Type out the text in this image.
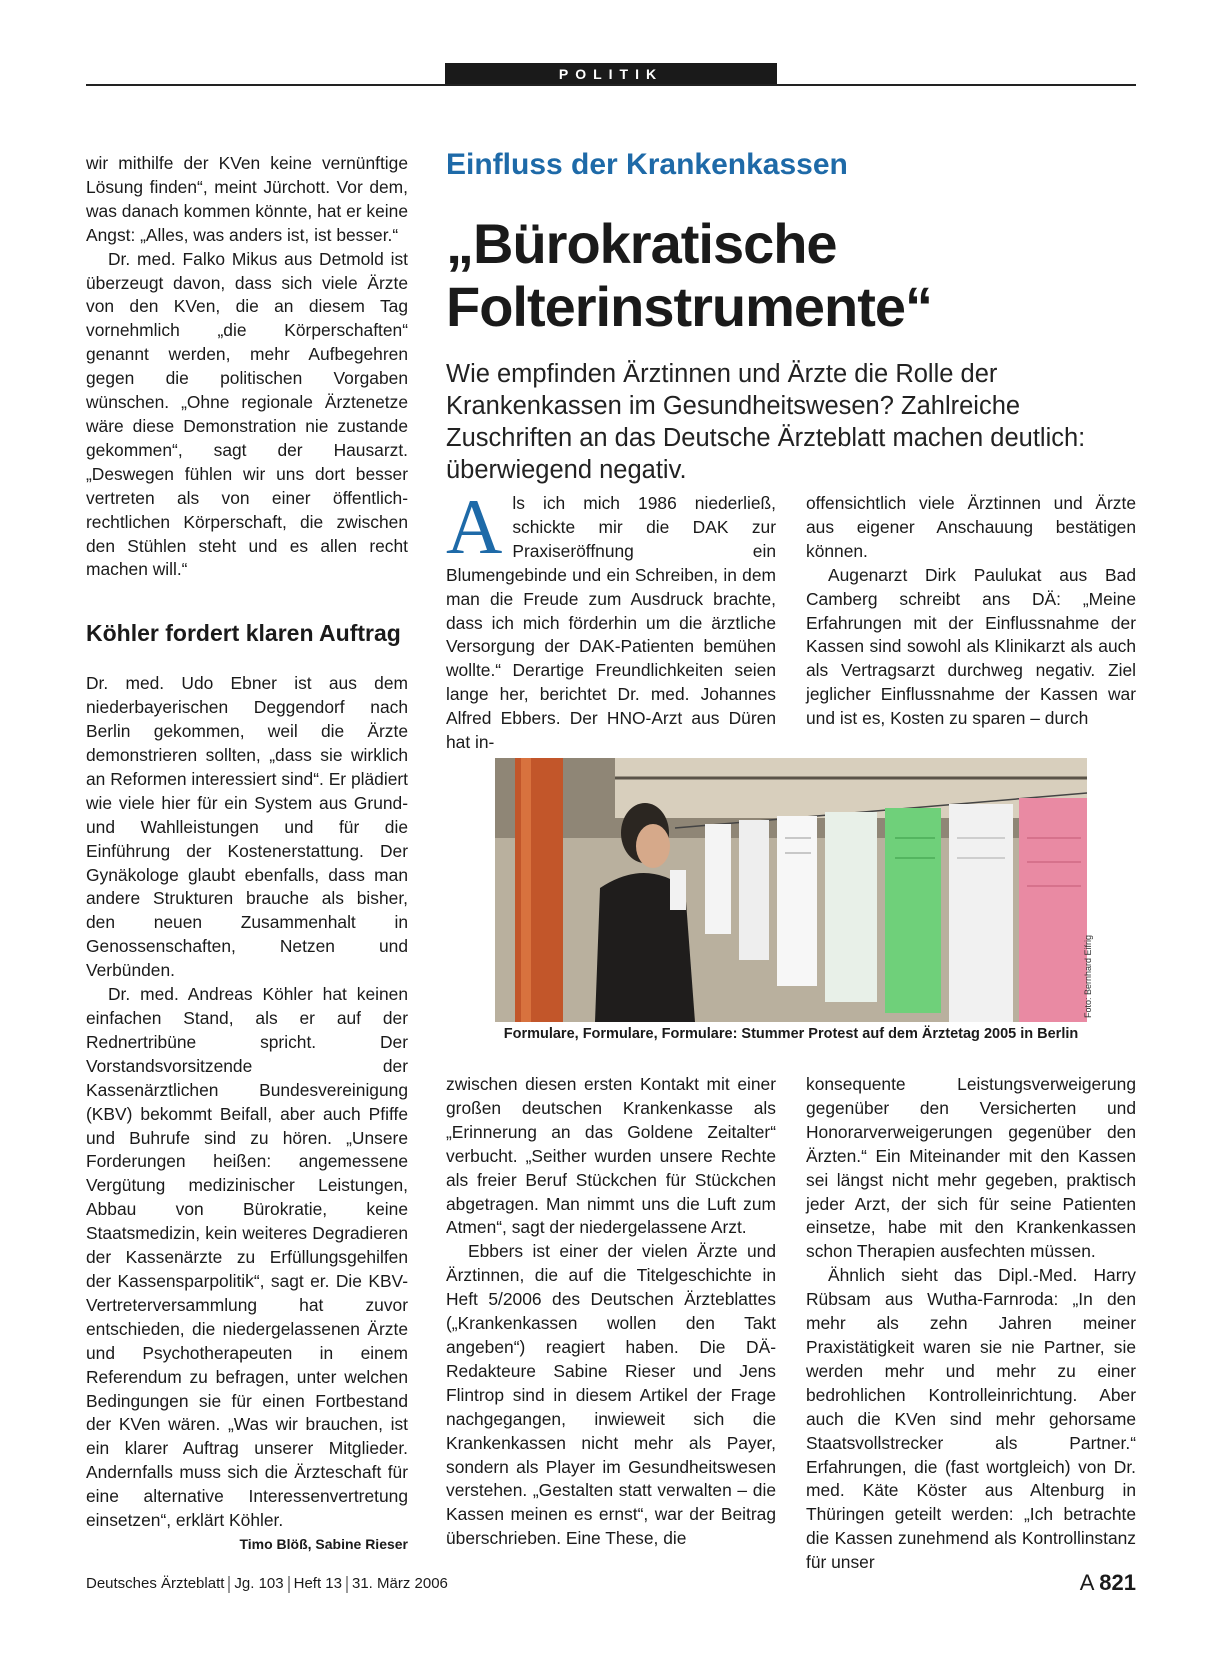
POLITIK

wir mithilfe der KVen keine vernünftige Lösung finden“, meint Jürchott. Vor dem, was danach kommen könnte, hat er keine Angst: „Alles, was anders ist, ist besser.“

Dr. med. Falko Mikus aus Detmold ist überzeugt davon, dass sich viele Ärzte von den KVen, die an diesem Tag vornehmlich „die Körperschaften“ genannt werden, mehr Aufbegehren gegen die politischen Vorgaben wünschen. „Ohne regionale Ärztenetze wäre diese Demonstration nie zustande gekommen“, sagt der Hausarzt. „Deswegen fühlen wir uns dort besser vertreten als von einer öffentlich-rechtlichen Körperschaft, die zwischen den Stühlen steht und es allen recht machen will.“

Köhler fordert klaren Auftrag

Dr. med. Udo Ebner ist aus dem niederbayerischen Deggendorf nach Berlin gekommen, weil die Ärzte demonstrieren sollten, „dass sie wirklich an Reformen interessiert sind“. Er plädiert wie viele hier für ein System aus Grund- und Wahlleistungen und für die Einführung der Kostenerstattung. Der Gynäkologe glaubt ebenfalls, dass man andere Strukturen brauche als bisher, den neuen Zusammenhalt in Genossenschaften, Netzen und Verbünden.

Dr. med. Andreas Köhler hat keinen einfachen Stand, als er auf der Rednertribüne spricht. Der Vorstandsvorsitzende der Kassenärztlichen Bundesvereinigung (KBV) bekommt Beifall, aber auch Pfiffe und Buhrufe sind zu hören. „Unsere Forderungen heißen: angemessene Vergütung medizinischer Leistungen, Abbau von Bürokratie, keine Staatsmedizin, kein weiteres Degradieren der Kassenärzte zu Erfüllungsgehilfen der Kassensparpolitik“, sagt er. Die KBV-Vertreterversammlung hat zuvor entschieden, die niedergelassenen Ärzte und Psychotherapeuten in einem Referendum zu befragen, unter welchen Bedingungen sie für einen Fortbestand der KVen wären. „Was wir brauchen, ist ein klarer Auftrag unserer Mitglieder. Andernfalls muss sich die Ärzteschaft für eine alternative Interessenvertretung einsetzen“, erklärt Köhler.
Timo Blöß, Sabine Rieser

Einfluss der Krankenkassen
„Bürokratische
Folterinstrumente“
Wie empfinden Ärztinnen und Ärzte die Rolle der Krankenkassen im Gesundheitswesen? Zahlreiche Zuschriften an das Deutsche Ärzteblatt machen deutlich: überwiegend negativ.

Als ich mich 1986 niederließ, schickte mir die DAK zur Praxiseröffnung ein Blumengebinde und ein Schreiben, in dem man die Freude zum Ausdruck brachte, dass ich mich förderhin um die ärztliche Versorgung der DAK-Patienten bemühen wollte.“ Derartige Freundlichkeiten seien lange her, berichtet Dr. med. Johannes Alfred Ebbers. Der HNO-Arzt aus Düren hat in-

offensichtlich viele Ärztinnen und Ärzte aus eigener Anschauung bestätigen können.

Augenarzt Dirk Paulukat aus Bad Camberg schreibt ans DÄ: „Meine Erfahrungen mit der Einflussnahme der Kassen sind sowohl als Klinikarzt als auch als Vertragsarzt durchweg negativ. Ziel jeglicher Einflussnahme der Kassen war und ist es, Kosten zu sparen – durch

Foto: Bernhard Eifrig
Formulare, Formulare, Formulare: Stummer Protest auf dem Ärztetag 2005 in Berlin

zwischen diesen ersten Kontakt mit einer großen deutschen Krankenkasse als „Erinnerung an das Goldene Zeitalter“ verbucht. „Seither wurden unsere Rechte als freier Beruf Stückchen für Stückchen abgetragen. Man nimmt uns die Luft zum Atmen“, sagt der niedergelassene Arzt.

Ebbers ist einer der vielen Ärzte und Ärztinnen, die auf die Titelgeschichte in Heft 5/2006 des Deutschen Ärzteblattes („Krankenkassen wollen den Takt angeben“) reagiert haben. Die DÄ-Redakteure Sabine Rieser und Jens Flintrop sind in diesem Artikel der Frage nachgegangen, inwieweit sich die Krankenkassen nicht mehr als Payer, sondern als Player im Gesundheitswesen verstehen. „Gestalten statt verwalten – die Kassen meinen es ernst“, war der Beitrag überschrieben. Eine These, die

konsequente Leistungsverweigerung gegenüber den Versicherten und Honorarverweigerungen gegenüber den Ärzten.“ Ein Miteinander mit den Kassen sei längst nicht mehr gegeben, praktisch jeder Arzt, der sich für seine Patienten einsetze, habe mit den Krankenkassen schon Therapien ausfechten müssen.

Ähnlich sieht das Dipl.-Med. Harry Rübsam aus Wutha-Farnroda: „In den mehr als zehn Jahren meiner Praxistätigkeit waren sie nie Partner, sie werden mehr und mehr zu einer bedrohlichen Kontrolleinrichtung. Aber auch die KVen sind mehr gehorsame Staatsvollstrecker als Partner.“ Erfahrungen, die (fast wortgleich) von Dr. med. Käte Köster aus Altenburg in Thüringen geteilt werden: „Ich betrachte die Kassen zunehmend als Kontrollinstanz für unser

Deutsches Ärzteblatt Jg. 103 Heft 13 31. März 2006	A 821
